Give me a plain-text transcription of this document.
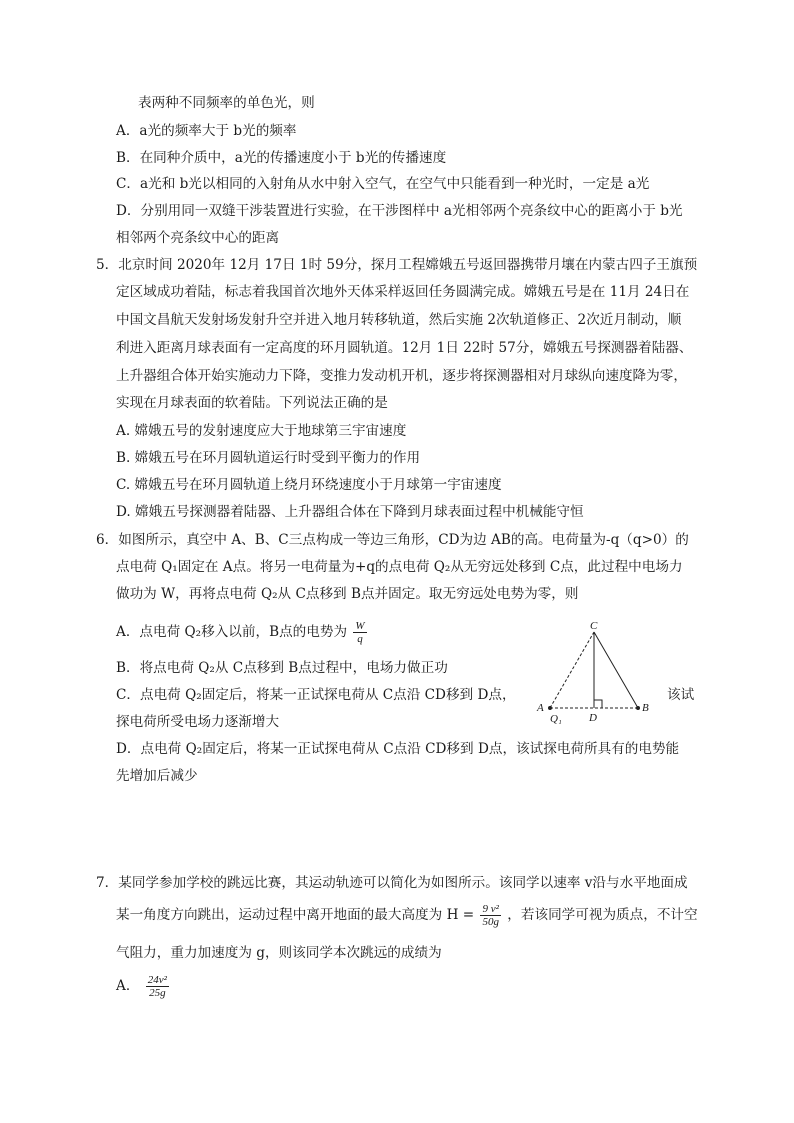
表两种不同频率的单色光，则
A．a光的频率大于 b光的频率
B．在同种介质中，a光的传播速度小于 b光的传播速度
C．a光和 b光以相同的入射角从水中射入空气，在空气中只能看到一种光时，一定是 a光
D．分别用同一双缝干涉装置进行实验，在干涉图样中 a光相邻两个亮条纹中心的距离小于 b光
相邻两个亮条纹中心的距离
5．北京时间 2020年 12月 17日 1时 59分，探月工程嫦娥五号返回器携带月壤在内蒙古四子王旗预
定区域成功着陆，标志着我国首次地外天体采样返回任务圆满完成。嫦娥五号是在 11月 24日在
中国文昌航天发射场发射升空并进入地月转移轨道，然后实施 2次轨道修正、2次近月制动，顺
利进入距离月球表面有一定高度的环月圆轨道。12月 1日 22时 57分，嫦娥五号探测器着陆器、
上升器组合体开始实施动力下降，变推力发动机开机，逐步将探测器相对月球纵向速度降为零，
实现在月球表面的软着陆。下列说法正确的是
A. 嫦娥五号的发射速度应大于地球第三宇宙速度
B. 嫦娥五号在环月圆轨道运行时受到平衡力的作用
C. 嫦娥五号在环月圆轨道上绕月环绕速度小于月球第一宇宙速度
D. 嫦娥五号探测器着陆器、上升器组合体在下降到月球表面过程中机械能守恒
6．如图所示，真空中 A、B、C三点构成一等边三角形，CD为边 AB的高。电荷量为-q（q>0）的
点电荷 Q₁固定在 A点。将另一电荷量为+q的点电荷 Q₂从无穷远处移到 C点，此过程中电场力
做功为 W，再将点电荷 Q₂从 C点移到 B点并固定。取无穷远处电势为零，则
A．点电荷 Q₂移入以前，B点的电势为 $\frac{W}{q}$
B．将点电荷 Q₂从 C点移到 B点过程中，电场力做正功
C．点电荷 Q₂固定后，将某一正试探电荷从 C点沿 CD移到 D点，	该试
探电荷所受电场力逐渐增大
D．点电荷 Q₂固定后，将某一正试探电荷从 C点沿 CD移到 D点，该试探电荷所具有的电势能
先增加后减少
C
A	B
D
Q₁
7．某同学参加学校的跳远比赛，其运动轨迹可以简化为如图所示。该同学以速率 v沿与水平地面成
某一角度方向跳出，运动过程中离开地面的最大高度为 $H = \frac{\text{9 v²}}{50g}$ ，若该同学可视为质点，不计空
气阻力，重力加速度为 g，则该同学本次跳远的成绩为
A． $\frac{\text{24v²}}{25g}$
